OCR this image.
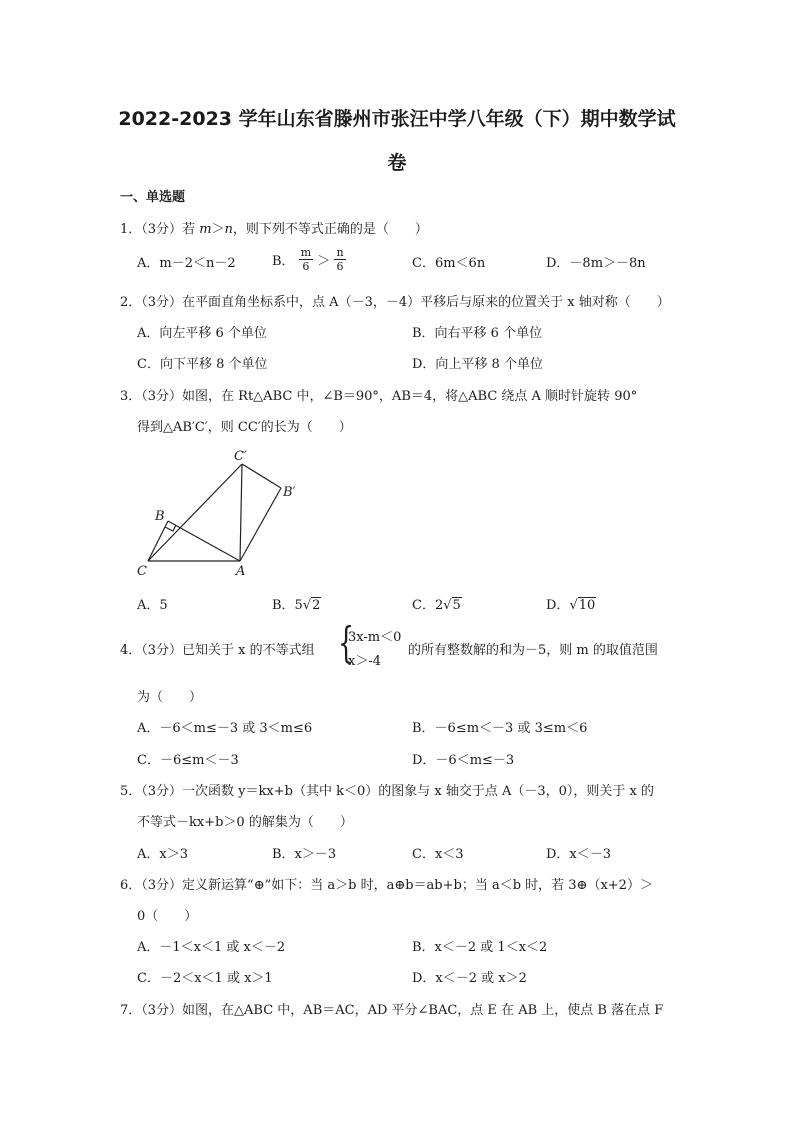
2022-2023 学年山东省滕州市张汪中学八年级（下）期中数学试
卷
一、单选题
1．（3分）若 m＞n，则下列不等式正确的是（　　）
A．m－2＜n－2	B． $\frac{m}{6} > \frac{n}{6}$	C．6m＜6n	D．－8m＞－8n
2．（3分）在平面直角坐标系中，点 A（－3，－4）平移后与原来的位置关于 x 轴对称（　　）
A．向左平移 6 个单位	B．向右平移 6 个单位
C．向下平移 8 个单位	D．向上平移 8 个单位
3．（3分）如图，在 Rt△ABC 中，∠B＝90°，AB＝4，将△ABC 绕点 A 顺时针旋转 90°
得到△AB′C′，则 CC′的长为（　　）
C′
B′
B
C	A
A．5	B．5√2	C．2√5	D．√10
4．（3分）已知关于 x 的不等式组 {
3x-m＜0
x＞-4
的所有整数解的和为－5，则 m 的取值范围
为（　　）
A．－6＜m≤－3 或 3＜m≤6	B．－6≤m＜－3 或 3≤m＜6
C．－6≤m＜－3	D．－6＜m≤－3
5．（3分）一次函数 y＝kx+b（其中 k＜0）的图象与 x 轴交于点 A（－3，0），则关于 x 的
不等式－kx+b＞0 的解集为（　　）
A．x＞3	B．x＞－3	C．x＜3	D．x＜－3
6．（3分）定义新运算“⊕”如下：当 a＞b 时，a⊕b＝ab+b；当 a＜b 时，若 3⊕（x+2）＞
0（　　）
A．－1＜x＜1 或 x＜－2	B．x＜－2 或 1＜x＜2
C．－2＜x＜1 或 x＞1	D．x＜－2 或 x＞2
7．（3分）如图，在△ABC 中，AB＝AC，AD 平分∠BAC，点 E 在 AB 上，使点 B 落在点 F
